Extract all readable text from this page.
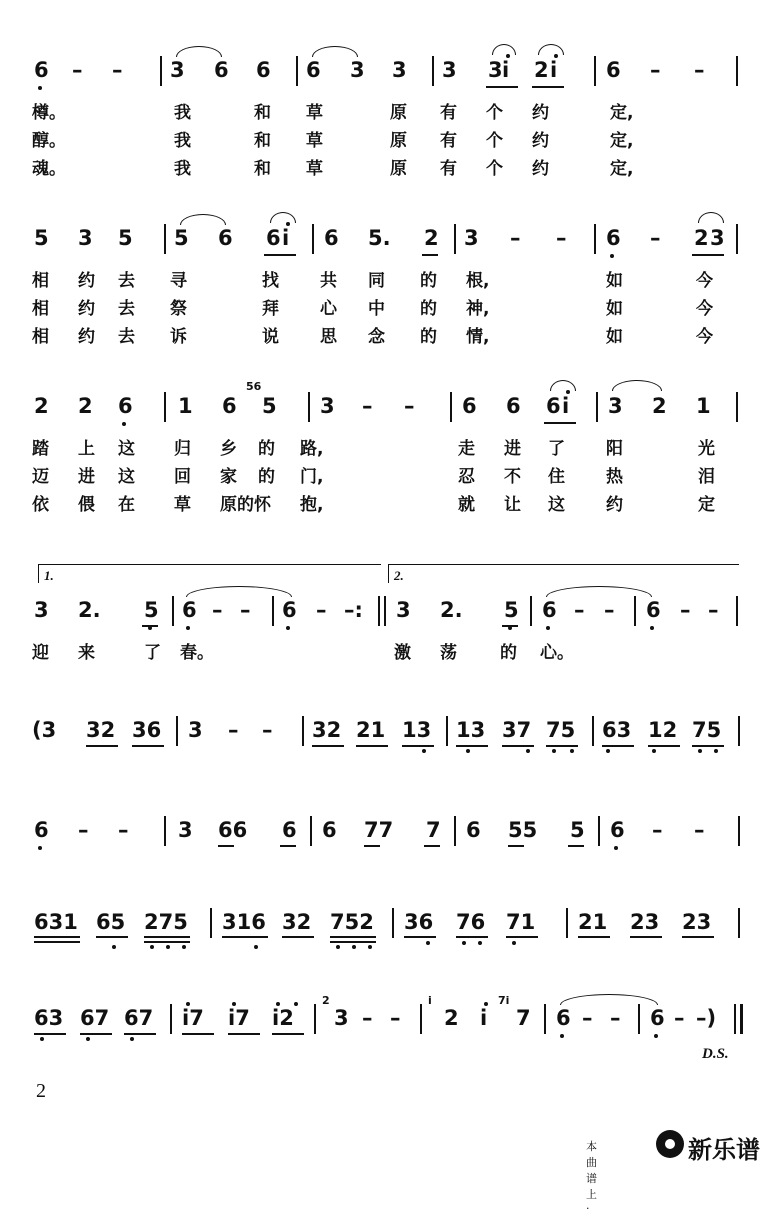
6 – – 3 6 6 6 3 3 3 3 i 2 i 6 – –
樽。	我	和 草	原 有 个 约	定,
醇。	我	和 草	原 有 个 约	定,
魂。	我	和 草	原 有 个 约	定,
5 3 5 5 6 6 i 6 5. 2 3 – – 6 – 2 3
相 约 去 寻	找 共 同 的 根,	如	今
相 约 去 祭	拜 心 中 的 神,	如	今
相 约 去 诉	说 思 念 的 情,	如	今
2 2 6 1 6
56
5 3 – – 6 6 6 i 3 2 1
踏 上 这 归 乡 的 路,	走 进 了 阳	光
迈 进 这 回 家 的 门,	忍 不 住 热	泪
依 偎 在 草 原的怀 抱,	就 让 这 约	定
1.	2.
3 2. 5 6 – – 6 – –: 3 2. 5 6 – – 6 – –
迎 来	了 春。	激 荡	的 心。
(3 32 36 3 – – 32 21 13 13 37 75 63 12 75
6 – – 3 66 6 6 77 7 6 55 5 6 – –
631 65 275 316 32 752 36 76 71 21 23 23
63 67 67 i7 i7 i2
2
3 – –
i
2 i
7i
7 6 – – 6 – –)
D.S.
2
本曲谱上·
新乐谱
